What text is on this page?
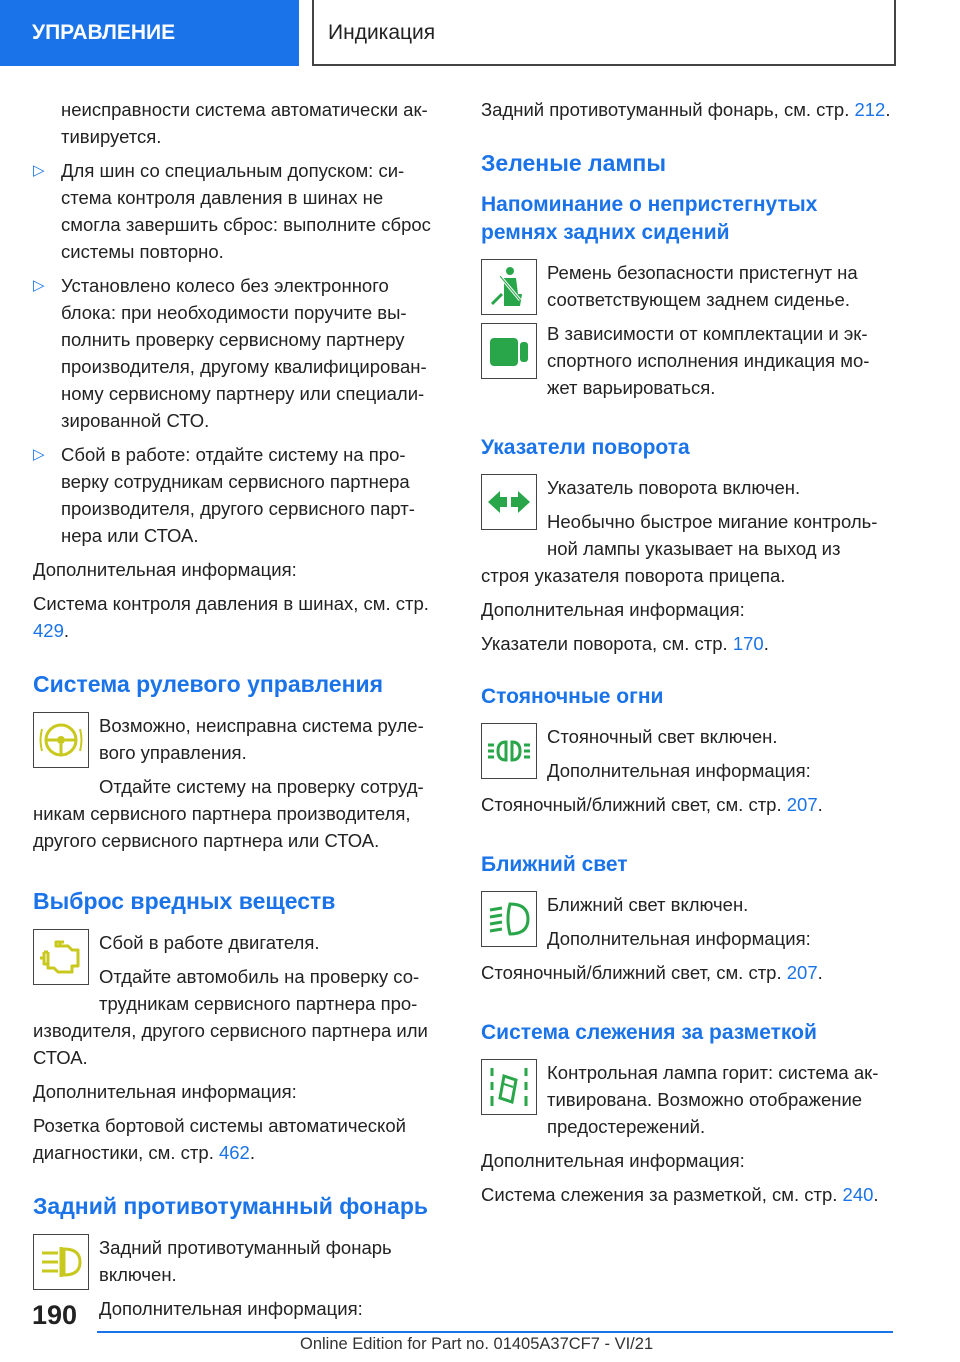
УПРАВЛЕНИЕ	Индикация

неисправности система автоматически ак-тивируется.

▷ Для шин со специальным допуском: си-стема контроля давления в шинах не смогла завершить сброс: выполните сброс системы повторно.

▷ Установлено колесо без электронного блока: при необходимости поручите вы-полнить проверку сервисному партнеру производителя, другому квалифицирован-ному сервисному партнеру или специали-зированной СТО.

▷ Сбой в работе: отдайте систему на про-верку сотрудникам сервисного партнера производителя, другого сервисного парт-нера или СТОА.

Дополнительная информация:

Система контроля давления в шинах, см. стр. 429.

Система рулевого управления

Возможно, неисправна система руле-вого управления.

Отдайте систему на проверку сотруд-никам сервисного партнера производителя, другого сервисного партнера или СТОА.

Выброс вредных веществ

Сбой в работе двигателя.

Отдайте автомобиль на проверку со-трудникам сервисного партнера про-изводителя, другого сервисного партнера или СТОА.

Дополнительная информация:

Розетка бортовой системы автоматической диагностики, см. стр. 462.

Задний противотуманный фонарь

Задний противотуманный фонарь включен.

Дополнительная информация:

Задний противотуманный фонарь, см. стр. 212.

Зеленые лампы
Напоминание о непристегнутых ремнях задних сидений

Ремень безопасности пристегнут на соответствующем заднем сиденье.

В зависимости от комплектации и эк-спортного исполнения индикация мо-жет варьироваться.

Указатели поворота

Указатель поворота включен.

Необычно быстрое мигание контроль-ной лампы указывает на выход из строя указателя поворота прицепа.

Дополнительная информация:

Указатели поворота, см. стр. 170.

Стояночные огни

Стояночный свет включен.

Дополнительная информация:

Стояночный/ближний свет, см. стр. 207.

Ближний свет

Ближний свет включен.

Дополнительная информация:

Стояночный/ближний свет, см. стр. 207.

Система слежения за разметкой

Контрольная лампа горит: система ак-тивирована. Возможно отображение предостережений.

Дополнительная информация:

Система слежения за разметкой, см. стр. 240.

190
Online Edition for Part no. 01405A37CF7 - VI/21
